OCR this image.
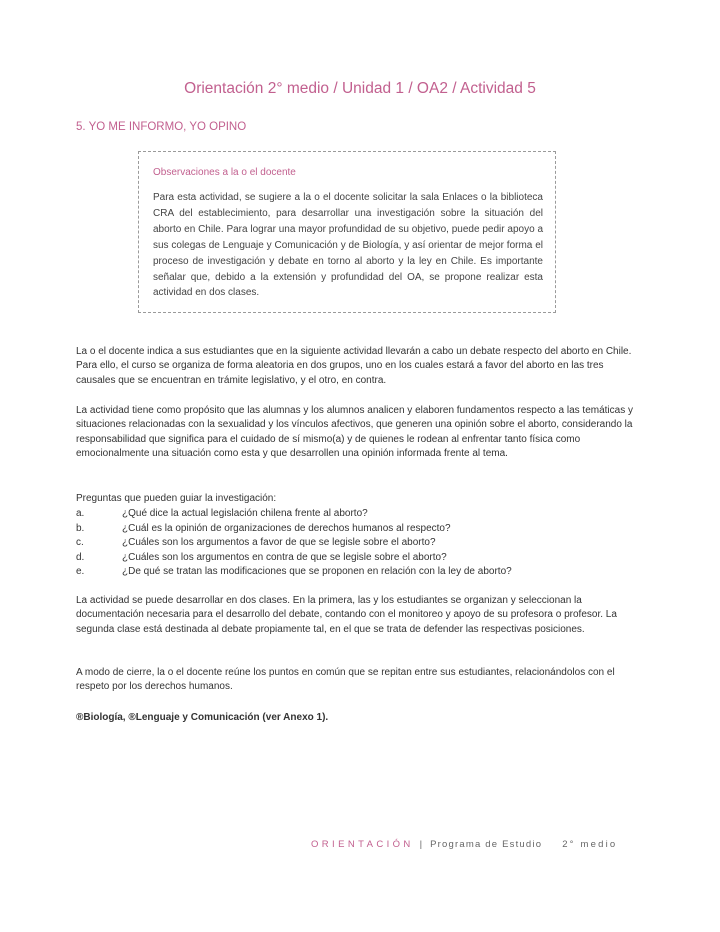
Orientación 2° medio / Unidad 1 / OA2 / Actividad 5
5. YO ME INFORMO, YO OPINO
Observaciones a la o el docente
Para esta actividad, se sugiere a la o el docente solicitar la sala Enlaces o la biblioteca CRA del establecimiento, para desarrollar una investigación sobre la situación del aborto en Chile. Para lograr una mayor profundidad de su objetivo, puede pedir apoyo a sus colegas de Lenguaje y Comunicación y de Biología, y así orientar de mejor forma el proceso de investigación y debate en torno al aborto y la ley en Chile. Es importante señalar que, debido a la extensión y profundidad del OA, se propone realizar esta actividad en dos clases.
La o el docente indica a sus estudiantes que en la siguiente actividad llevarán a cabo un debate respecto del aborto en Chile. Para ello, el curso se organiza de forma aleatoria en dos grupos, uno en los cuales estará a favor del aborto en las tres causales que se encuentran en trámite legislativo, y el otro, en contra.
La actividad tiene como propósito que las alumnas y los alumnos analicen y elaboren fundamentos respecto a las temáticas y situaciones relacionadas con la sexualidad y los vínculos afectivos, que generen una opinión sobre el aborto, considerando la responsabilidad que significa para el cuidado de sí mismo(a) y de quienes le rodean al enfrentar tanto física como emocionalmente una situación como esta y que desarrollen una opinión informada frente al tema.
Preguntas que pueden guiar la investigación:
a.	¿Qué dice la actual legislación chilena frente al aborto?
b.	¿Cuál es la opinión de organizaciones de derechos humanos al respecto?
c.	¿Cuáles son los argumentos a favor de que se legisle sobre el aborto?
d.	¿Cuáles son los argumentos en contra de que se legisle sobre el aborto?
e.	¿De qué se tratan las modificaciones que se proponen en relación con la ley de aborto?
La actividad se puede desarrollar en dos clases. En la primera, las y los estudiantes se organizan y seleccionan la documentación necesaria para el desarrollo del debate, contando con el monitoreo y apoyo de su profesora o profesor. La segunda clase está destinada al debate propiamente tal, en el que se trata de defender las respectivas posiciones.
A modo de cierre, la o el docente reúne los puntos en común que se repitan entre sus estudiantes, relacionándolos con el respeto por los derechos humanos.
®Biología, ®Lenguaje y Comunicación (ver Anexo 1).
ORIENTACIÓN | Programa de Estudio 2° medio
